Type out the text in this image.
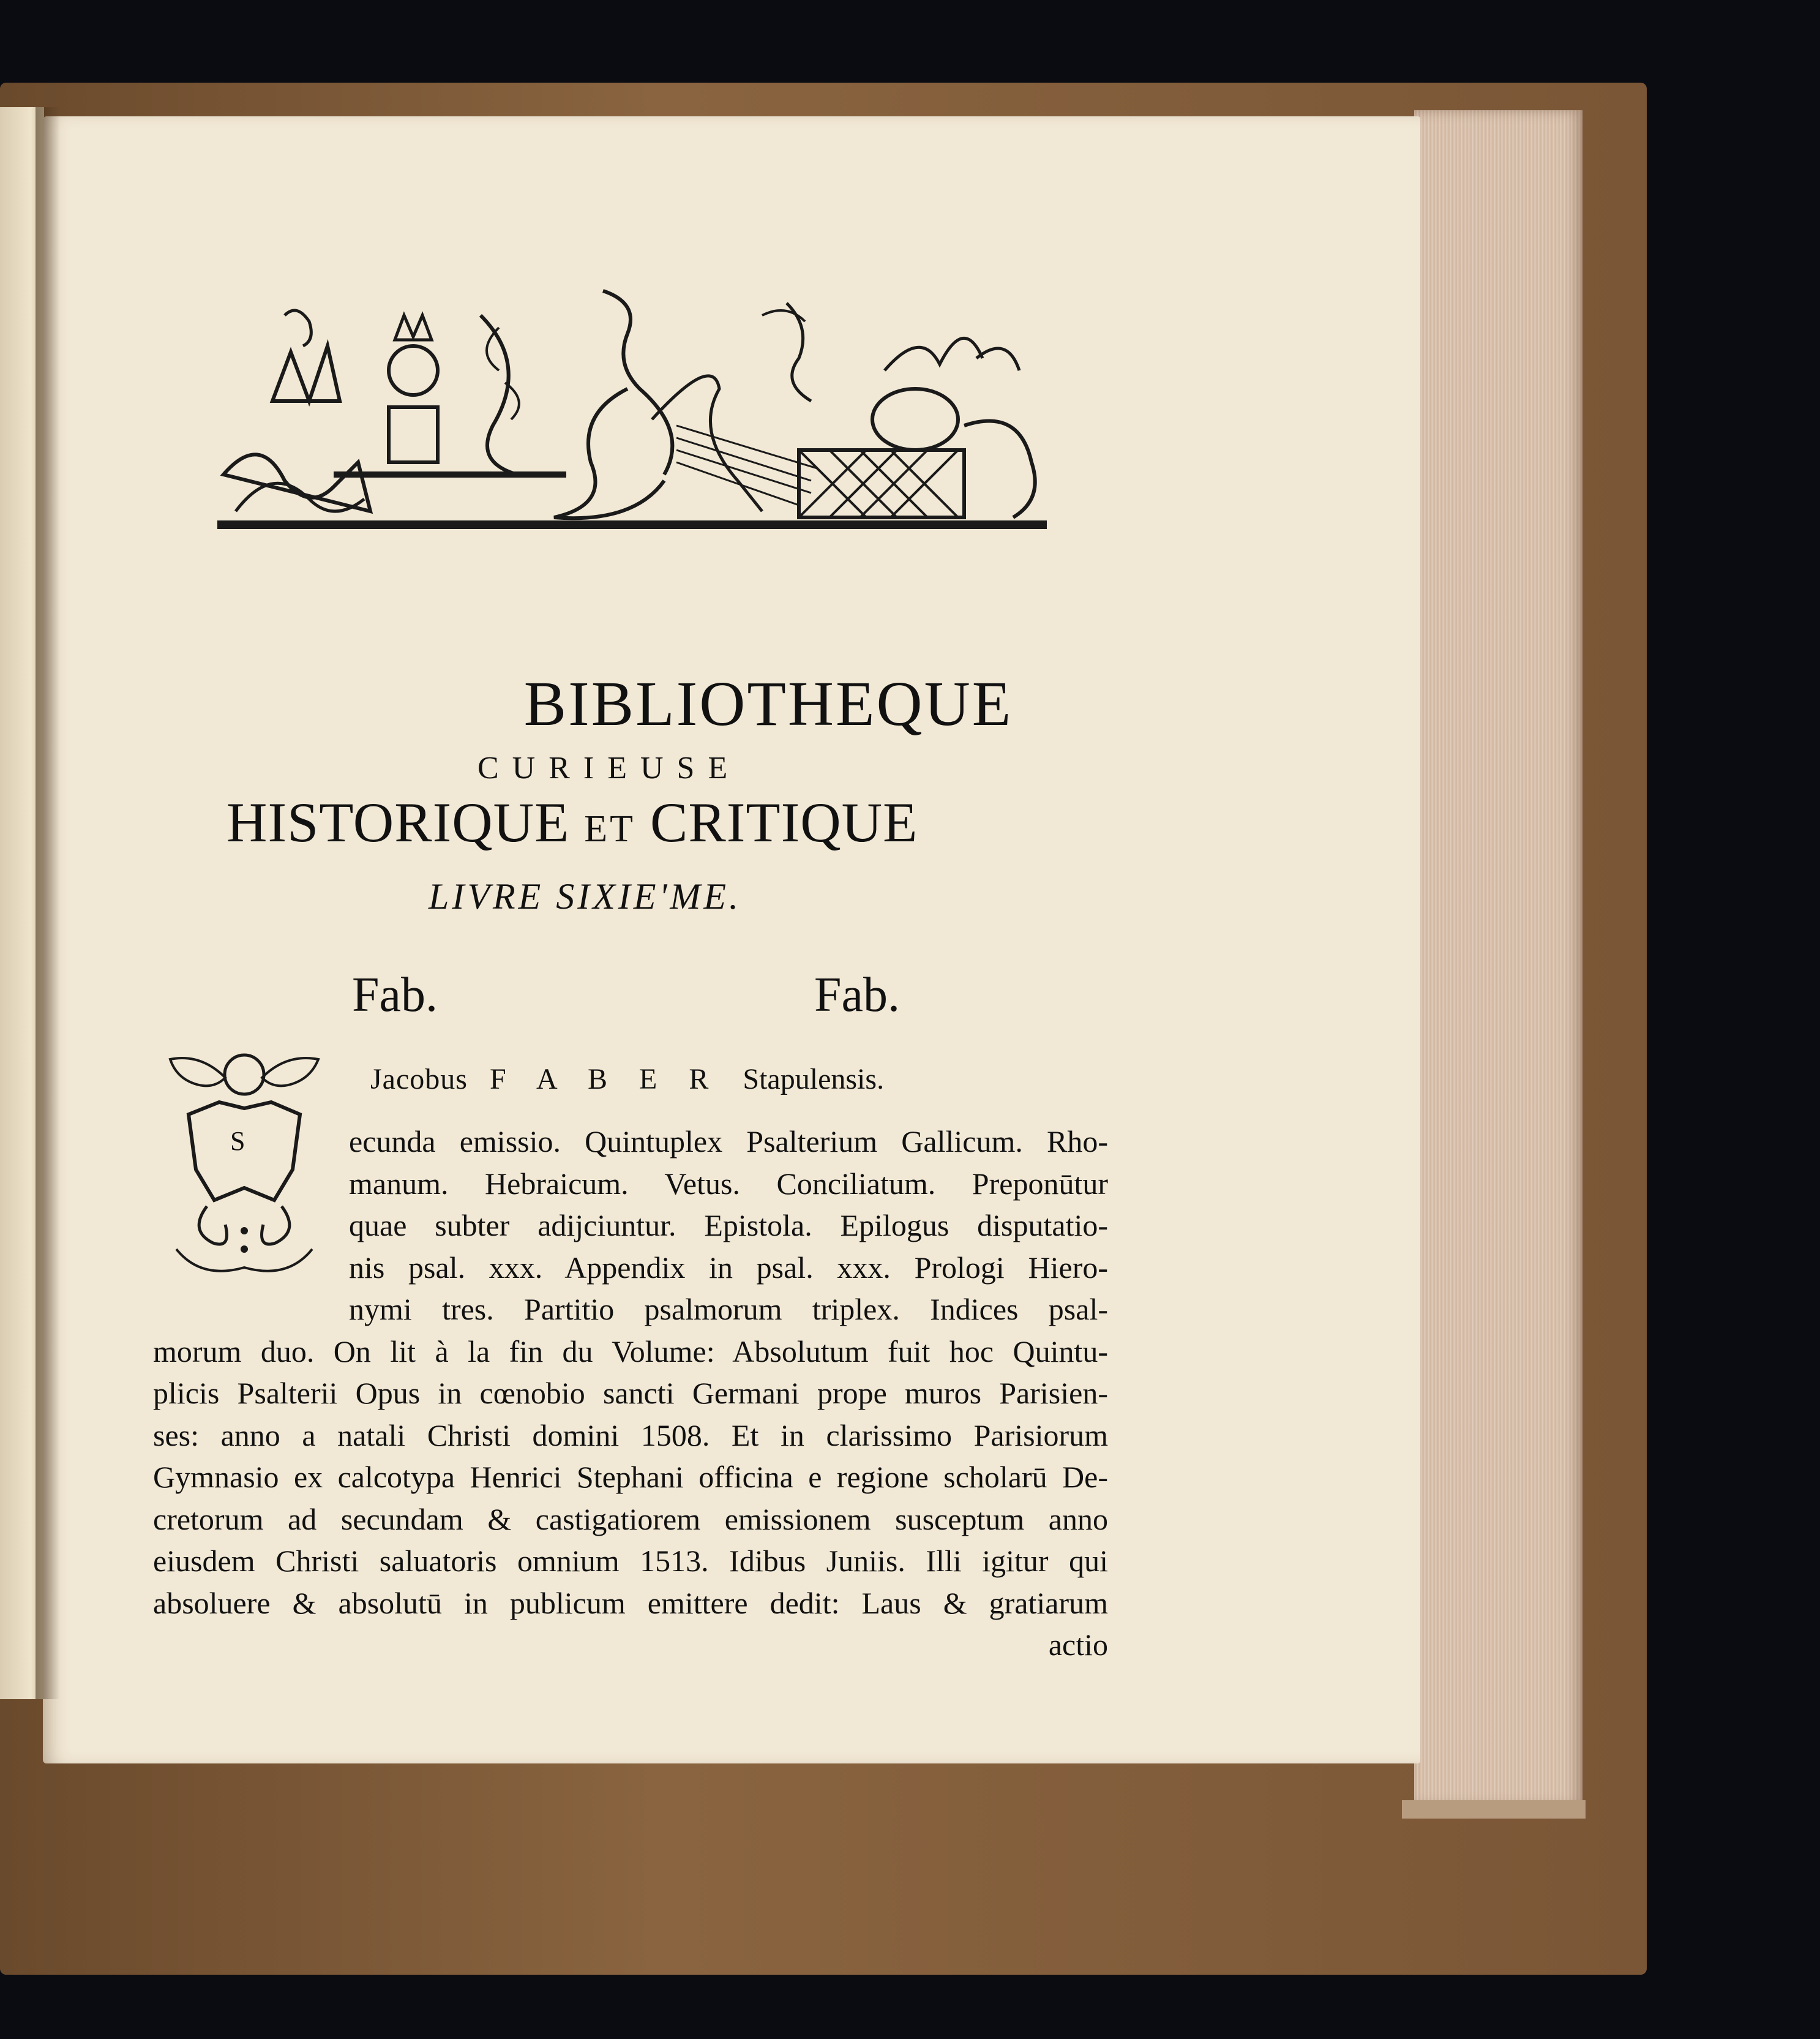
BIBLIOTHEQUE
CURIEUSE
HISTORIQUE ET CRITIQUE
LIVRE SIXIE'ME.
Fab.	Fab.
Jacobus F A B E R Stapulensis.
S	ecunda emissio. Quintuplex Psalterium Gallicum. Rho-
manum. Hebraicum. Vetus. Conciliatum. Preponūtur
quae subter adijciuntur. Epistola. Epilogus disputatio-
nis psal. xxx. Appendix in psal. xxx. Prologi Hiero-
nymi tres. Partitio psalmorum triplex. Indices psal-
morum duo. On lit à la fin du Volume: Absolutum fuit hoc Quintu-
plicis Psalterii Opus in cœnobio sancti Germani prope muros Parisien-
ses: anno a natali Christi domini 1508. Et in clarissimo Parisiorum
Gymnasio ex calcotypa Henrici Stephani officina e regione scholarū De-
cretorum ad secundam & castigatiorem emissionem susceptum anno
eiusdem Christi saluatoris omnium 1513. Idibus Juniis. Illi igitur qui
absoluere & absolutū in publicum emittere dedit: Laus & gratiarum
actio
